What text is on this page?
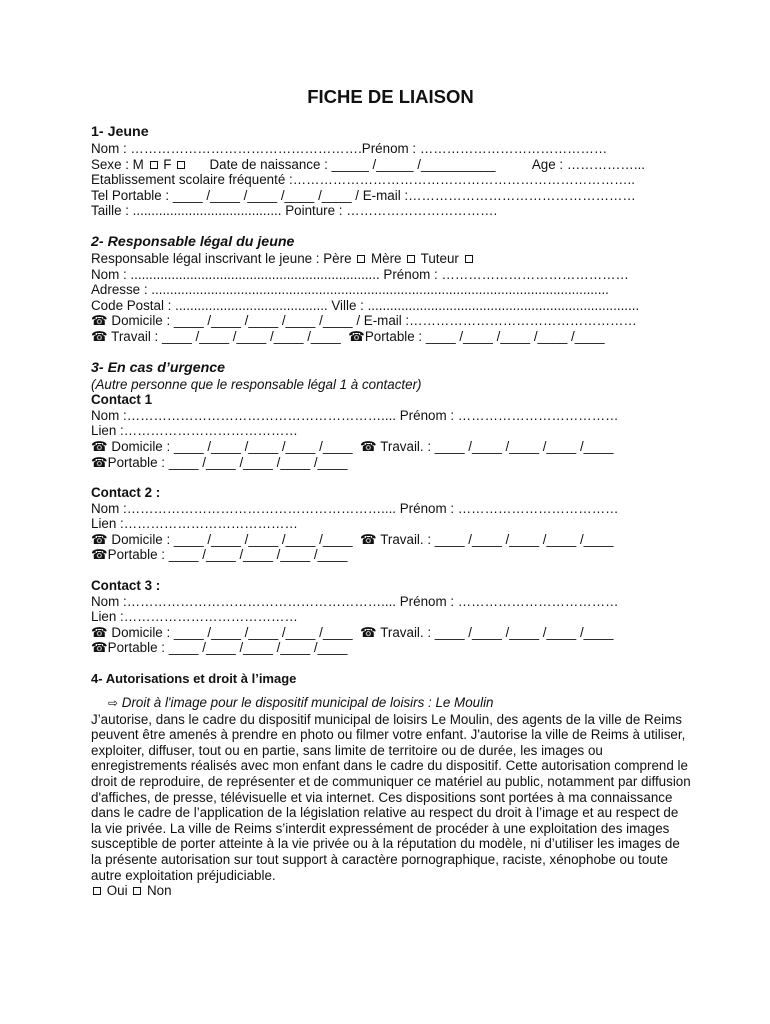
FICHE DE LIAISON
1- Jeune
Nom : …………………………………………….Prénom : ……………………………………
Sexe : M  F       Date de naissance : _____ /_____ /__________          Age : ……………...
Etablissement scolaire fréquenté :…………………………………………………………………..
Tel Portable : ____ /____ /____ /____ /____ / E-mail :……………………………………………
Taille : ........................................ Pointure : …………………………….
2- Responsable légal du jeune
Responsable légal inscrivant le jeune : Père  Mère  Tuteur
Nom : ................................................................... Prénom : ……………………………………
Adresse : ...........................................................................................................................
Code Postal : ......................................... Ville : .........................................................................
☎ Domicile : ____ /____ /____ /____ /____ / E-mail :……………………………………………
☎ Travail : ____ /____ /____ /____ /____  ☎Portable : ____ /____ /____ /____ /____
3- En cas d’urgence
(Autre personne que le responsable légal 1 à contacter)
Contact 1
Nom :………………………………………………….... Prénom : ………………………………
Lien :…………………………………
☎ Domicile : ____ /____ /____ /____ /____  ☎ Travail. : ____ /____ /____ /____ /____
☎Portable : ____ /____ /____ /____ /____
Contact 2 :
Nom :………………………………………………….... Prénom : ………………………………
Lien :…………………………………
☎ Domicile : ____ /____ /____ /____ /____  ☎ Travail. : ____ /____ /____ /____ /____
☎Portable : ____ /____ /____ /____ /____
Contact 3 :
Nom :………………………………………………….... Prénom : ………………………………
Lien :…………………………………
☎ Domicile : ____ /____ /____ /____ /____  ☎ Travail. : ____ /____ /____ /____ /____
☎Portable : ____ /____ /____ /____ /____
4- Autorisations et droit à l’image
⇨ Droit à l'image pour le dispositif municipal de loisirs : Le Moulin
J’autorise, dans le cadre du dispositif municipal de loisirs Le Moulin, des agents de la ville de Reims peuvent être amenés à prendre en photo ou filmer votre enfant. J'autorise la ville de Reims à utiliser, exploiter, diffuser, tout ou en partie, sans limite de territoire ou de durée, les images ou enregistrements réalisés avec mon enfant dans le cadre du dispositif. Cette autorisation comprend le droit de reproduire, de représenter et de communiquer ce matériel au public, notamment par diffusion d'affiches, de presse, télévisuelle et via internet. Ces dispositions sont portées à ma connaissance dans le cadre de l’application de la législation relative au respect du droit à l’image et au respect de la vie privée. La ville de Reims s’interdit expressément de procéder à une exploitation des images susceptible de porter atteinte à la vie privée ou à la réputation du modèle, ni d’utiliser les images de la présente autorisation sur tout support à caractère pornographique, raciste, xénophobe ou toute autre exploitation préjudiciable.
Oui  Non
